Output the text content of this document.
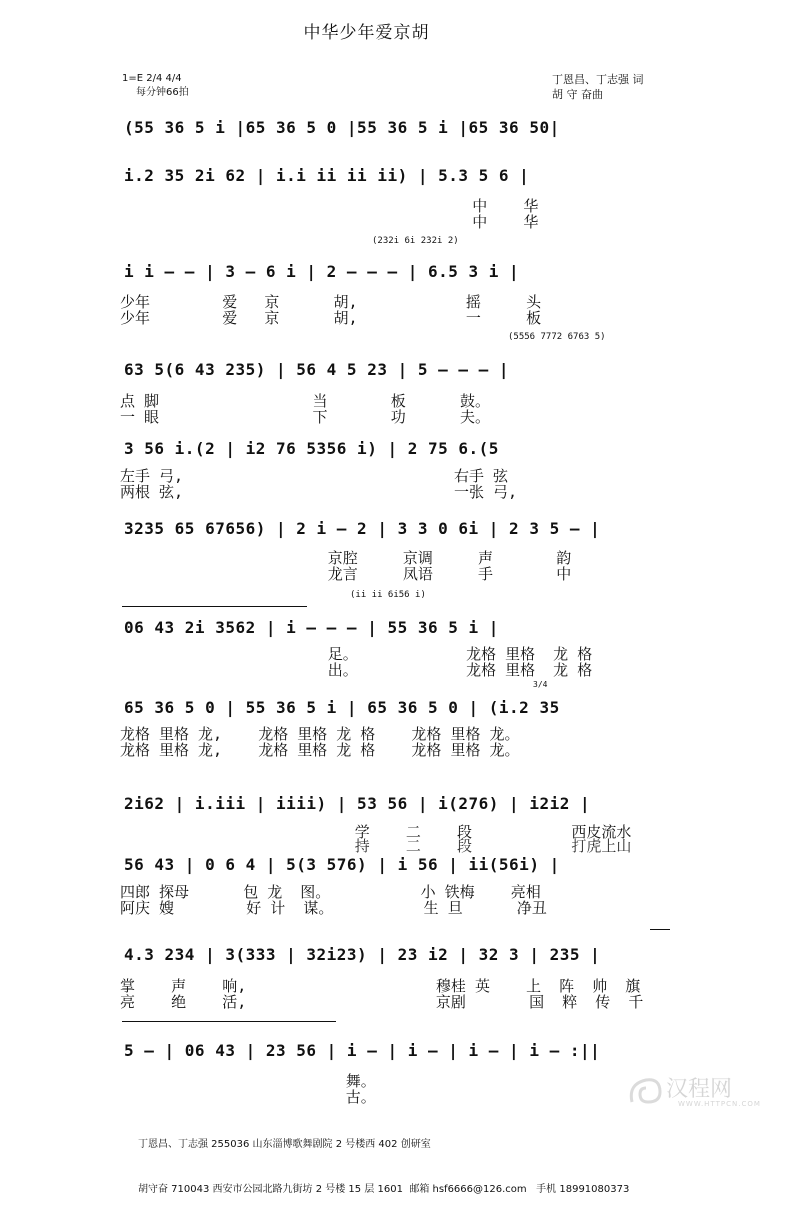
中华少年爱京胡
1=E 2/4 4/4
每分钟66拍
丁恩昌、丁志强 词
胡 守 奋曲
(55 36 5 i |65 36 5 0 |55 36 5 i |65 36 50|
i.2 35 2i 62 | i.i ii ii ii) | 5.3 5 6 |
中    华
中    华
(232i 6i 232i 2)
i i — — | 3 — 6 i | 2 — — — | 6.5 3 i |
少年        爱   京      胡,            摇     头
少年        爱   京      胡,            一     板
(5556 7772 6763 5)
63 5(6 43 235) | 56 4 5 23 | 5 — — — |
点 脚                 当       板      鼓。
一 眼                 下       功      夫。
3 56 i.(2 | i2 76 5356 i) | 2 75 6.(5
左手 弓,                              右手 弦
两根 弦,                              一张 弓,
3235 65 67656) | 2 i — 2 | 3 3 0 6i | 2 3 5 — |
京腔     京调     声       韵
龙言     凤语     手       中
(ii ii 6i56 i)
06 43 2i 3562 | i — — — | 55 36 5 i |
足。            龙格 里格  龙 格
出。            龙格 里格  龙 格
3/4
65 36 5 0 | 55 36 5 i | 65 36 5 0 | (i.2 35
龙格 里格 龙,    龙格 里格 龙 格    龙格 里格 龙。
龙格 里格 龙,    龙格 里格 龙 格    龙格 里格 龙。
2i62 | i.iii | iiii) | 53 56 | i(276) | i2i2 |
学    二    段           西皮流水
持    二    段           打虎上山
56 43 | 0 6 4 | 5(3 576) | i 56 | ii(56i) |
四郎 探母      包 龙  图。          小 铁梅    亮相
阿庆 嫂        好 计  谋。          生 旦      净丑
4.3 234 | 3(333 | 32i23) | 23 i2 | 32 3 | 235 |
掌    声    响,                     穆桂 英    上  阵  帅  旗
亮    绝    活,                     京剧       国  粹  传  千
5 — | 06 43 | 23 56 | i — | i — | i — | i — :||
舞。
古。

丁恩昌、丁志强 255036 山东淄博歌舞剧院 2 号楼西 402 创研室

胡守奋 710043 西安市公园北路九街坊 2 号楼 15 层 1601  邮箱 hsf6666@126.com   手机 18991080373

汉程网
WWW.HTTPCN.COM
